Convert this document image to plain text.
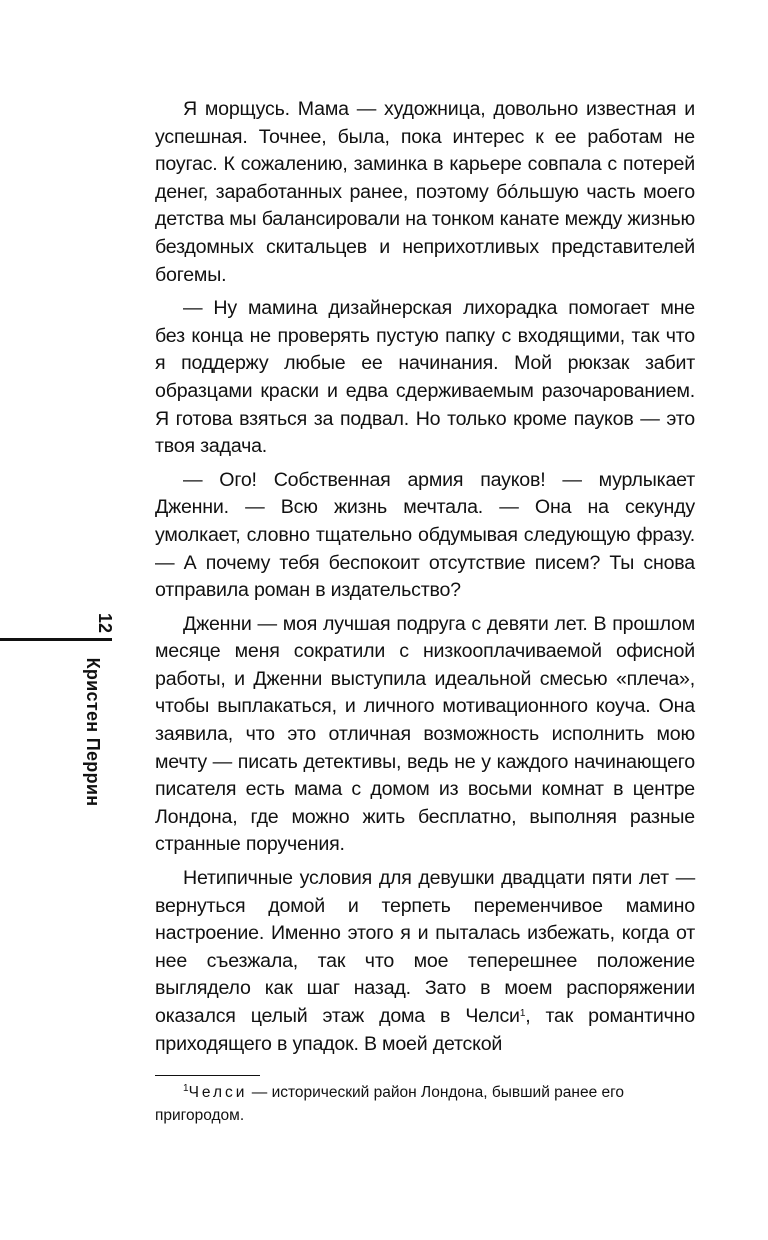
12
Кристен Перрин

Я морщусь. Мама — художница, довольно известная и успешная. Точнее, была, пока интерес к ее работам не поугас. К сожалению, заминка в карьере совпала с потерей денег, заработанных ранее, поэтому бóльшую часть моего детства мы балансировали на тонком канате между жизнью бездомных скитальцев и неприхотливых представителей богемы.

— Ну мамина дизайнерская лихорадка помогает мне без конца не проверять пустую папку с входящими, так что я поддержу любые ее начинания. Мой рюкзак забит образцами краски и едва сдерживаемым разочарованием. Я готова взяться за подвал. Но только кроме пауков — это твоя задача.

— Ого! Собственная армия пауков! — мурлыкает Дженни. — Всю жизнь мечтала. — Она на секунду умолкает, словно тщательно обдумывая следующую фразу. — А почему тебя беспокоит отсутствие писем? Ты снова отправила роман в издательство?

Дженни — моя лучшая подруга с девяти лет. В прошлом месяце меня сократили с низкооплачиваемой офисной работы, и Дженни выступила идеальной смесью «плеча», чтобы выплакаться, и личного мотивационного коуча. Она заявила, что это отличная возможность исполнить мою мечту — писать детективы, ведь не у каждого начинающего писателя есть мама с домом из восьми комнат в центре Лондона, где можно жить бесплатно, выполняя разные странные поручения.

Нетипичные условия для девушки двадцати пяти лет — вернуться домой и терпеть переменчивое мамино настроение. Именно этого я и пыталась избежать, когда от нее съезжала, так что мое теперешнее положение выглядело как шаг назад. Зато в моем распоряжении оказался целый этаж дома в Челси$^1$, так романтично приходящего в упадок. В моей детской

$^1$Челси — исторический район Лондона, бывший ранее его пригородом.
